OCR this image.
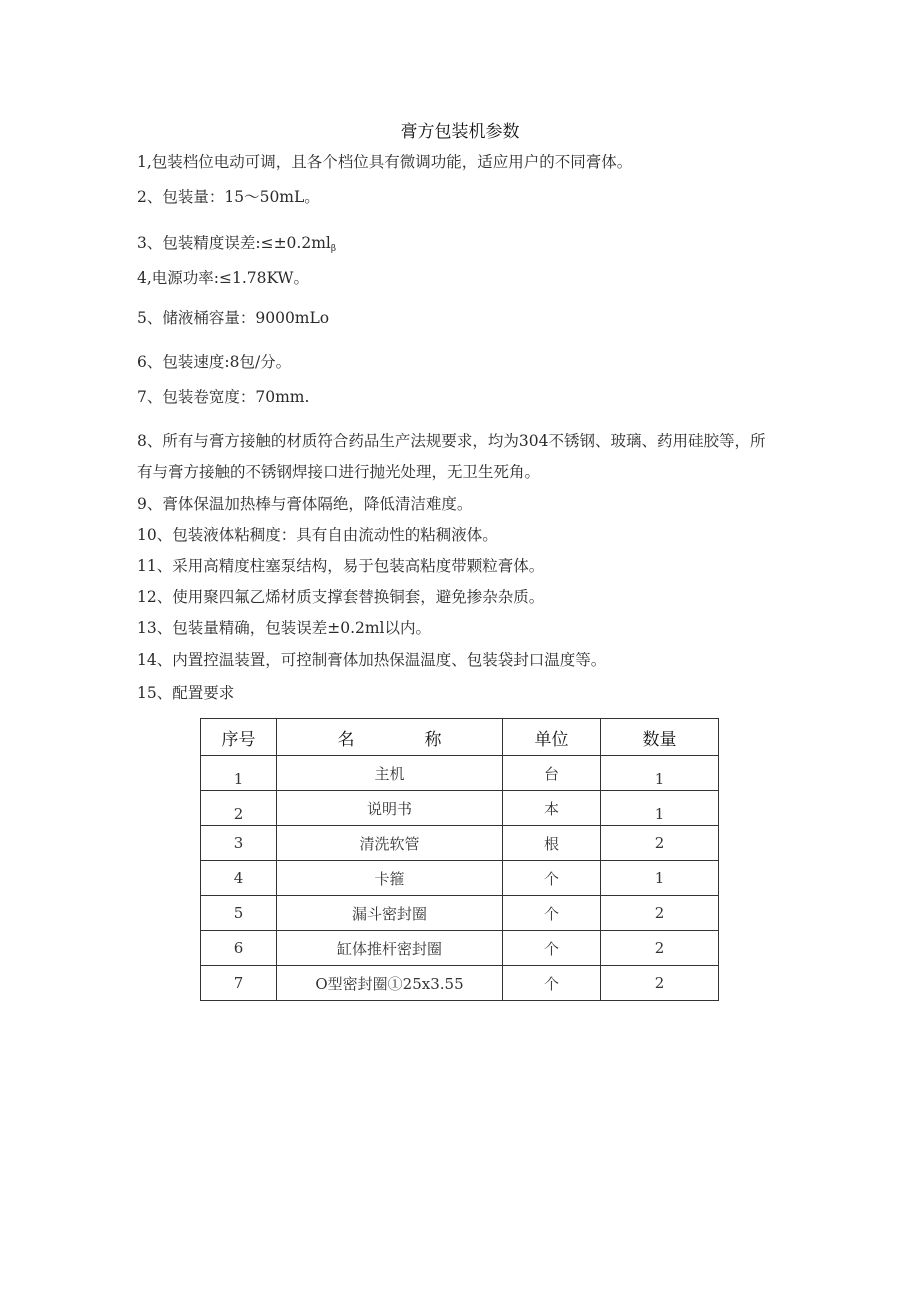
膏方包装机参数
1,包装档位电动可调，且各个档位具有微调功能，适应用户的不同膏体。
2、包装量：15～50mL。
3、包装精度误差$:\le\pm 0.2ml_\beta$
4,电源功率:≤1.78KW。
5、储液桶容量：9000mLo
6、包装速度:8包/分。
7、包装卷宽度：70mm.
8、所有与膏方接触的材质符合药品生产法规要求，均为304不锈钢、玻璃、药用硅胶等，所有与膏方接触的不锈钢焊接口进行抛光处理，无卫生死角。
9、膏体保温加热棒与膏体隔绝，降低清洁难度。
10、包装液体粘稠度：具有自由流动性的粘稠液体。
11、采用高精度柱塞泵结构，易于包装高粘度带颗粒膏体。
12、使用聚四氟乙烯材质支撑套替换铜套，避免掺杂杂质。
13、包装量精确，包装误差±0.2ml以内。
14、内置控温装置，可控制膏体加热保温温度、包装袋封口温度等。
15、配置要求
序号	名 称	单位	数量
1	主机	台	1
2	说明书	本	1
3	清洗软管	根	2
4	卡箍	个	1
5	漏斗密封圈	个	2
6	缸体推杆密封圈	个	2
7	O型密封圈①25x3.55	个	2
